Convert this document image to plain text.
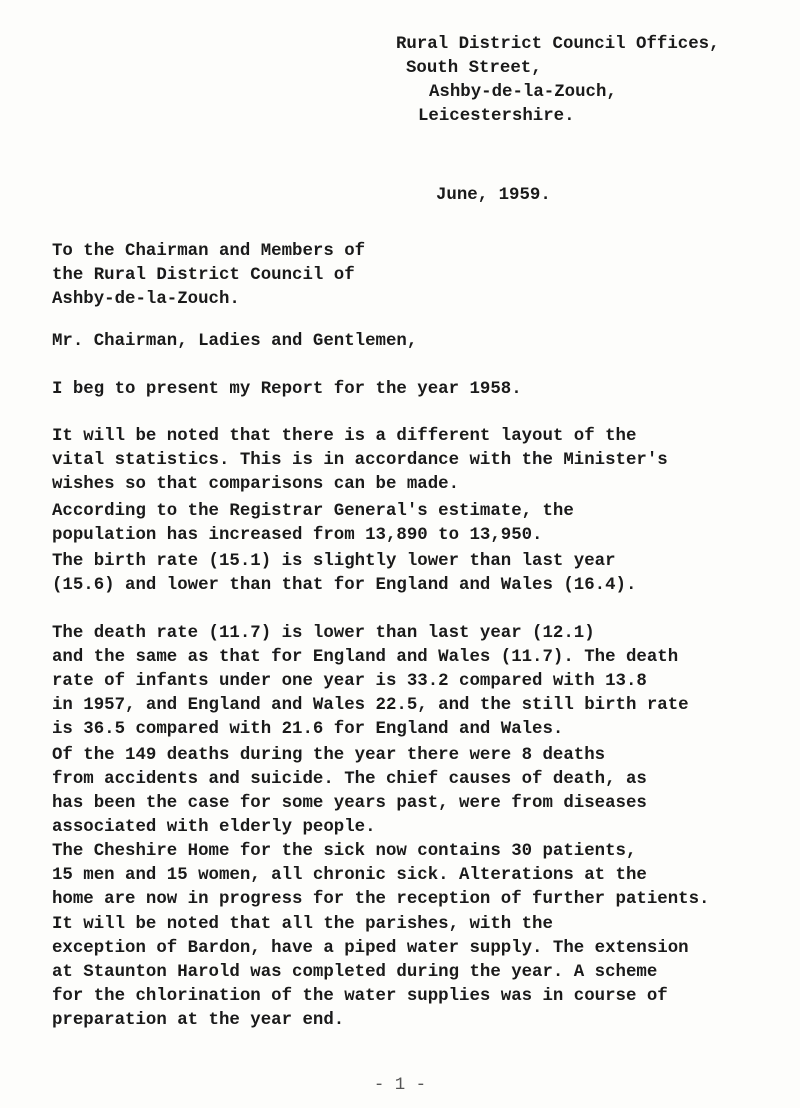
Rural District Council Offices,
South Street,
Ashby-de-la-Zouch,
Leicestershire.
June, 1959.
To the Chairman and Members of
the Rural District Council of
Ashby-de-la-Zouch.
Mr. Chairman, Ladies and Gentlemen,

I beg to present my Report for the year 1958.

It will be noted that there is a different layout of the
vital statistics. This is in accordance with the Minister's
wishes so that comparisons can be made.

According to the Registrar General's estimate, the
population has increased from 13,890 to 13,950.

The birth rate (15.1) is slightly lower than last year
(15.6) and lower than that for England and Wales (16.4).

The death rate (11.7) is lower than last year (12.1)
and the same as that for England and Wales (11.7). The death
rate of infants under one year is 33.2 compared with 13.8
in 1957, and England and Wales 22.5, and the still birth rate
is 36.5 compared with 21.6 for England and Wales.

Of the 149 deaths during the year there were 8 deaths
from accidents and suicide. The chief causes of death, as
has been the case for some years past, were from diseases
associated with elderly people.

The Cheshire Home for the sick now contains 30 patients,
15 men and 15 women, all chronic sick. Alterations at the
home are now in progress for the reception of further patients.

It will be noted that all the parishes, with the
exception of Bardon, have a piped water supply. The extension
at Staunton Harold was completed during the year. A scheme
for the chlorination of the water supplies was in course of
preparation at the year end.

- 1 -
